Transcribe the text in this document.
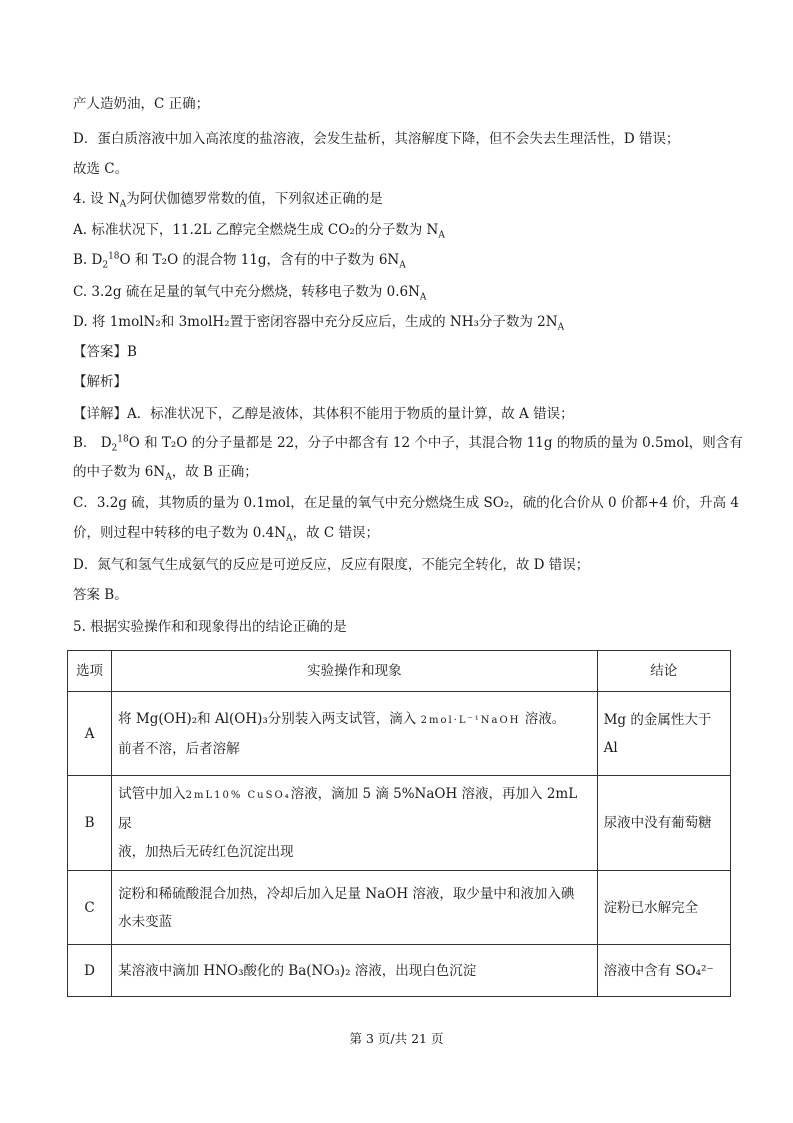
产人造奶油，C 正确；
D．蛋白质溶液中加入高浓度的盐溶液，会发生盐析，其溶解度下降，但不会失去生理活性，D 错误；
故选 C。
4. 设 $N_A$为阿伏伽德罗常数的值，下列叙述正确的是
A. 标准状况下，11.2L 乙醇完全燃烧生成 CO₂的分子数为 $N_A$
B. $D_2^{18}O$ 和 T₂O 的混合物 11g，含有的中子数为 $6N_A$
C. 3.2g 硫在足量的氧气中充分燃烧，转移电子数为 $0.6N_A$
D. 将 1molN₂和 3molH₂置于密闭容器中充分反应后，生成的 NH₃分子数为 $2N_A$
【答案】B
【解析】
【详解】A．标准状况下，乙醇是液体，其体积不能用于物质的量计算，故 A 错误；
B． $D_2^{18}O$ 和 T₂O 的分子量都是 22，分子中都含有 12 个中子，其混合物 11g 的物质的量为 0.5mol，则含有
的中子数为 $6N_A$，故 B 正确；
C．3.2g 硫，其物质的量为 0.1mol，在足量的氧气中充分燃烧生成 SO₂，硫的化合价从 0 价都+4 价，升高 4
价，则过程中转移的电子数为 $0.4N_A$，故 C 错误；
D．氮气和氢气生成氨气的反应是可逆反应，反应有限度，不能完全转化，故 D 错误；
答案 B。
5. 根据实验操作和和现象得出的结论正确的是
选项	实验操作和现象	结论
A	将 Mg(OH)₂和 Al(OH)₃分别装入两支试管，滴入 2mol·L⁻¹NaOH 溶液。
前者不溶，后者溶解	Mg 的金属性大于 Al
B	试管中加入2mL10% CuSO₄溶液，滴加 5 滴 5%NaOH 溶液，再加入 2mL 尿
液，加热后无砖红色沉淀出现	尿液中没有葡萄糖
C	淀粉和稀硫酸混合加热，冷却后加入足量 NaOH 溶液，取少量中和液加入碘
水未变蓝	淀粉已水解完全
D	某溶液中滴加 HNO₃酸化的 Ba(NO₃)₂ 溶液，出现白色沉淀	溶液中含有 SO₄²⁻
第 3 页/共 21 页
